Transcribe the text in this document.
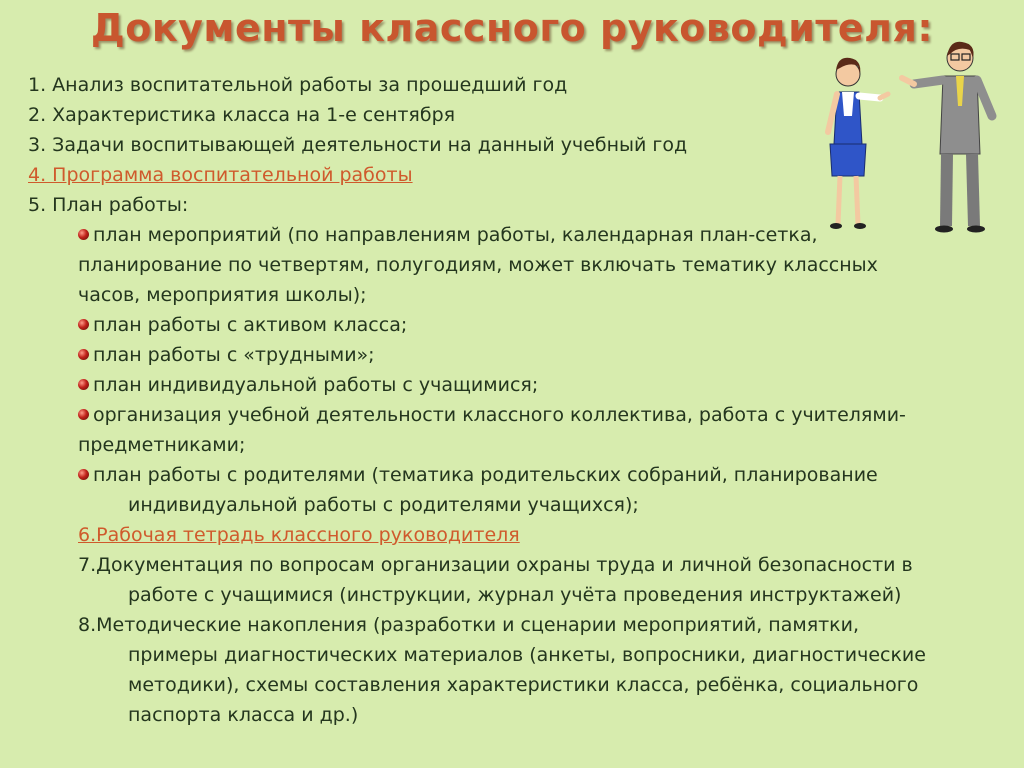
Документы классного руководителя:
1. Анализ воспитательной работы за прошедший год
2. Характеристика класса на 1-е сентября
3. Задачи воспитывающей деятельности на данный учебный год
4. Программа воспитательной работы
5. План работы:
план мероприятий (по направлениям работы, календарная план-сетка,
планирование по четвертям, полугодиям, может включать тематику классных
часов, мероприятия школы);
план работы с активом класса;
план работы с «трудными»;
план индивидуальной работы с учащимися;
организация учебной деятельности классного коллектива, работа с учителями-
предметниками;
план работы с родителями (тематика родительских собраний, планирование
индивидуальной работы с родителями учащихся);
6.Рабочая тетрадь классного руководителя
7.Документация по вопросам организации охраны труда и личной безопасности в
работе с учащимися (инструкции, журнал учёта проведения инструктажей)
8.Методические накопления (разработки и сценарии мероприятий, памятки,
примеры диагностических материалов (анкеты, вопросники, диагностические
методики), схемы составления характеристики класса, ребёнка, социального
паспорта класса и др.)
